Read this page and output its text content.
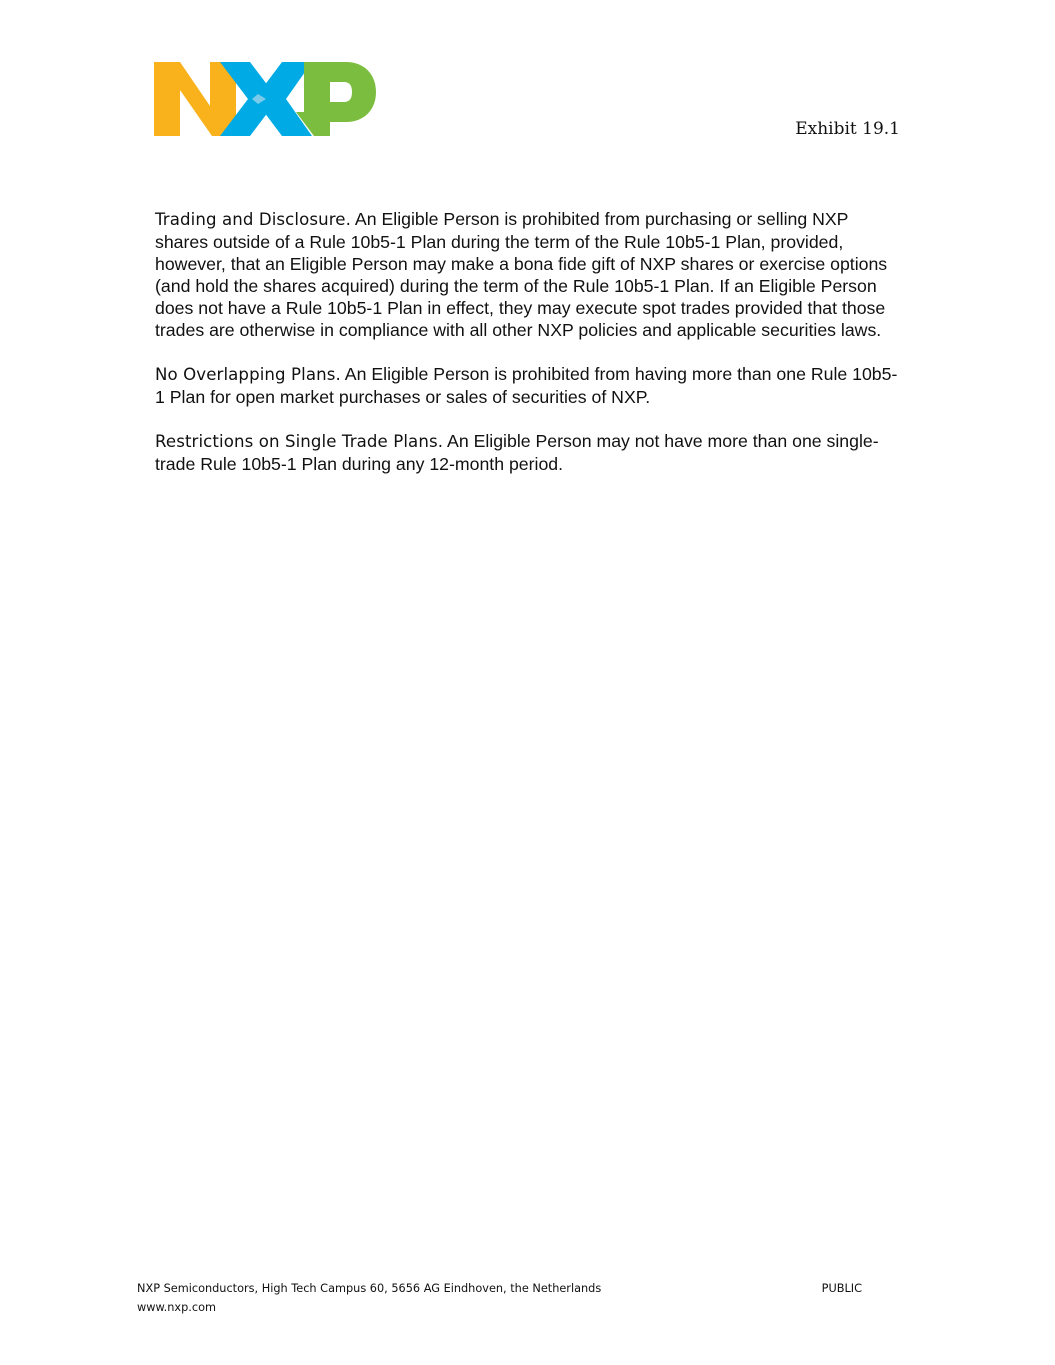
Exhibit 19.1

Trading and Disclosure. An Eligible Person is prohibited from purchasing or selling NXP shares outside of a Rule 10b5-1 Plan during the term of the Rule 10b5-1 Plan, provided, however, that an Eligible Person may make a bona fide gift of NXP shares or exercise options (and hold the shares acquired) during the term of the Rule 10b5-1 Plan. If an Eligible Person does not have a Rule 10b5-1 Plan in effect, they may execute spot trades provided that those trades are otherwise in compliance with all other NXP policies and applicable securities laws.

No Overlapping Plans. An Eligible Person is prohibited from having more than one Rule 10b5-1 Plan for open market purchases or sales of securities of NXP.

Restrictions on Single Trade Plans. An Eligible Person may not have more than one single-trade Rule 10b5-1 Plan during any 12-month period.

NXP Semiconductors, High Tech Campus 60, 5656 AG Eindhoven, the Netherlands	PUBLIC
www.nxp.com
